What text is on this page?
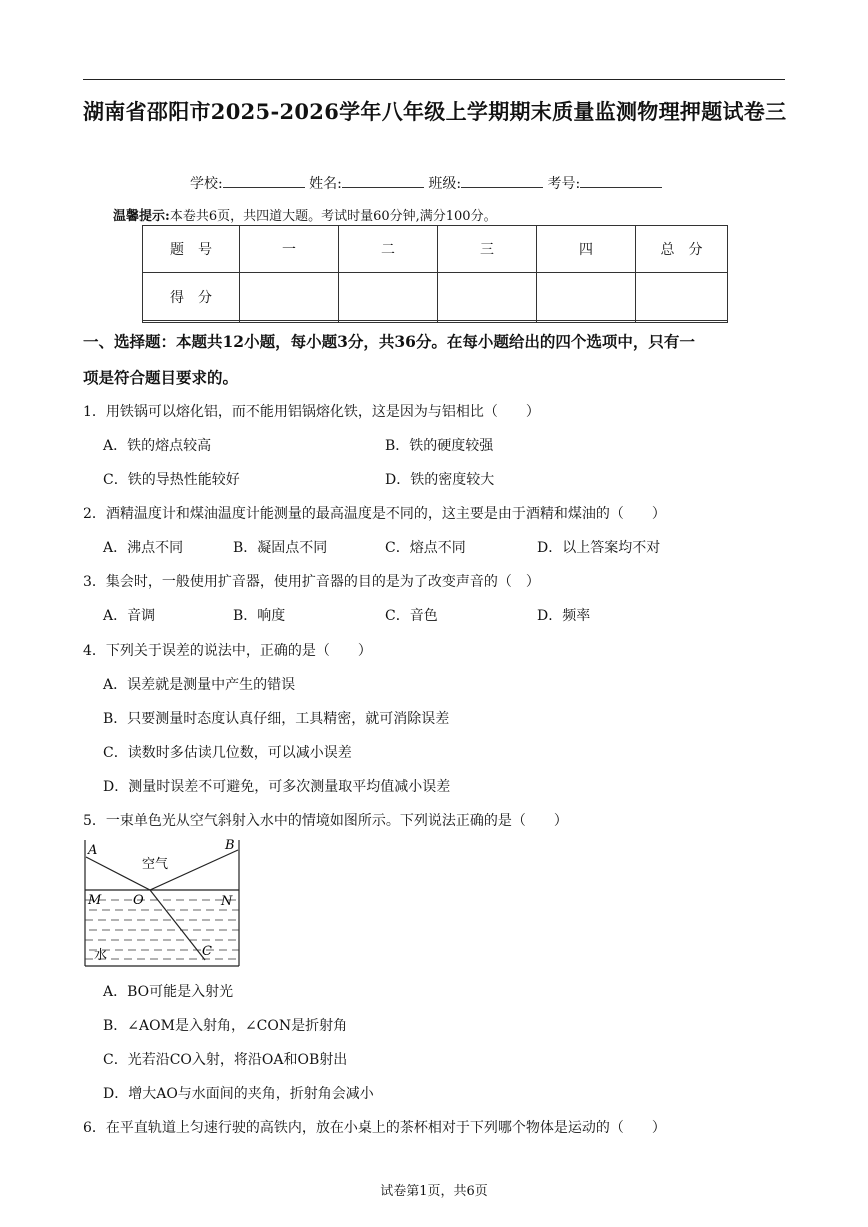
湖南省邵阳市2025-2026学年八年级上学期期末质量监测物理押题试卷三
学校:	姓名:	班级:	考号:
温馨提示:本卷共6页，共四道大题。考试时量60分钟,满分100分。
题　号	一	二	三	四	总　分
得　分					

一、选择题：本题共12小题，每小题3分，共36分。在每小题给出的四个选项中，只有一
项是符合题目要求的。
1．用铁锅可以熔化铝，而不能用铝锅熔化铁，这是因为与铝相比（　　）
A．铁的熔点较高	B．铁的硬度较强
C．铁的导热性能较好	D．铁的密度较大
2．酒精温度计和煤油温度计能测量的最高温度是不同的，这主要是由于酒精和煤油的（　　）
A．沸点不同	B．凝固点不同	C．熔点不同	D．以上答案均不对
3．集会时，一般使用扩音器，使用扩音器的目的是为了改变声音的（　）
A．音调	B．响度	C．音色	D．频率
4．下列关于误差的说法中，正确的是（　　）
A．误差就是测量中产生的错误
B．只要测量时态度认真仔细，工具精密，就可消除误差
C．读数时多估读几位数，可以减小误差
D．测量时误差不可避免，可多次测量取平均值减小误差
5．一束单色光从空气斜射入水中的情境如图所示。下列说法正确的是（　　）
A	B
空气
M O	N
水	C
A．BO可能是入射光
B．∠AOM是入射角，∠CON是折射角
C．光若沿CO入射，将沿OA和OB射出
D．增大AO与水面间的夹角，折射角会减小
6．在平直轨道上匀速行驶的高铁内，放在小桌上的茶杯相对于下列哪个物体是运动的（　　）
试卷第1页，共6页
